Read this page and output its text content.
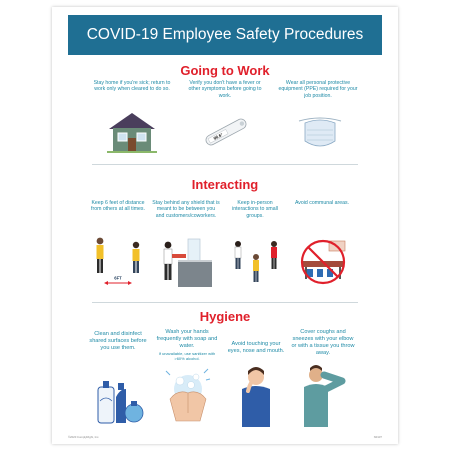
COVID-19 Employee Safety Procedures
Going to Work
Stay home if you're sick; return to work only when cleared to do so.
Verify you don't have a fever or other symptoms before going to work.
Wear all personal protective equipment (PPE) required for your job position.
98.6°
Interacting
Keep 6 feet of distance from others at all times.
Stay behind any shield that is meant to be between you and customers/coworkers.
Keep in-person interactions to small groups.
Avoid communal areas.
6FT
Hygiene
Clean and disinfect shared surfaces before you use them.
Wash your hands frequently with soap and water.
If unavailable, use sanitizer with >60% alcohol.
Avoid touching your eyes, nose and mouth.
Cover coughs and sneezes with your elbow or with a tissue you throw away.
©2020 ComplyRight, Inc.	N0137
